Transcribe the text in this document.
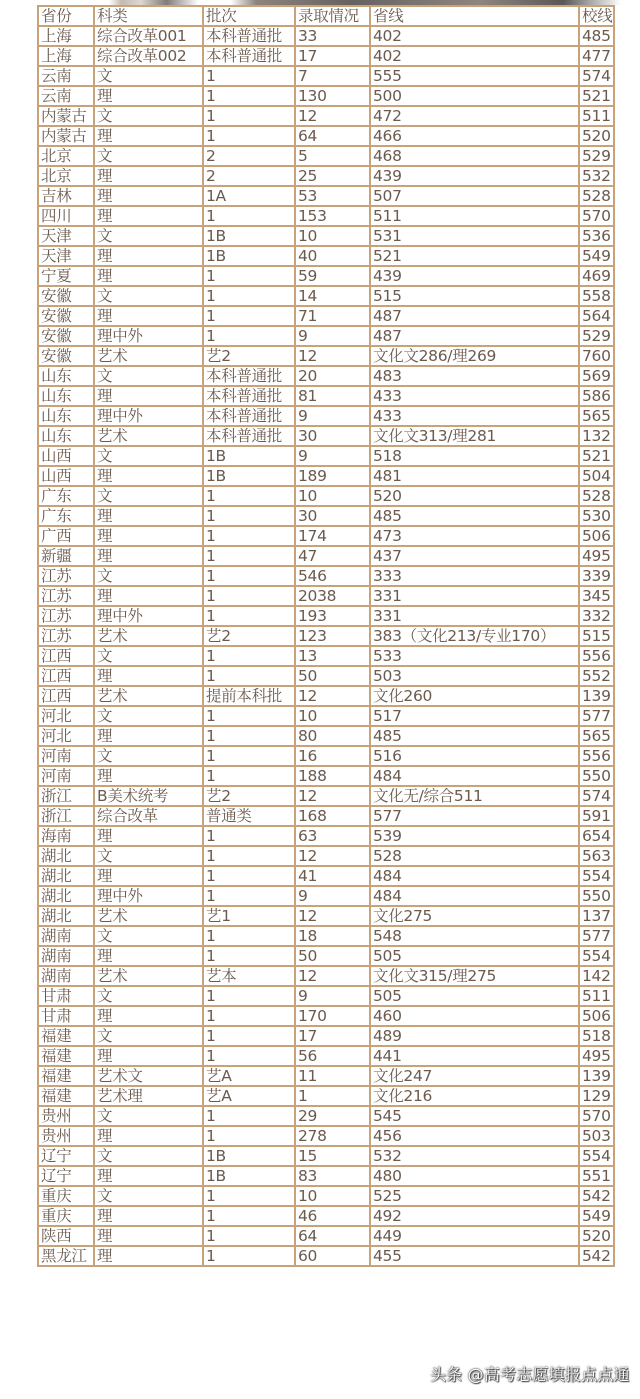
省份	科类	批次	录取情况	省线	校线
上海	综合改革001	本科普通批	33	402	485
上海	综合改革002	本科普通批	17	402	477
云南	文	1	7	555	574
云南	理	1	130	500	521
内蒙古	文	1	12	472	511
内蒙古	理	1	64	466	520
北京	文	2	5	468	529
北京	理	2	25	439	532
吉林	理	1A	53	507	528
四川	理	1	153	511	570
天津	文	1B	10	531	536
天津	理	1B	40	521	549
宁夏	理	1	59	439	469
安徽	文	1	14	515	558
安徽	理	1	71	487	564
安徽	理中外	1	9	487	529
安徽	艺术	艺2	12	文化文286/理269	760
山东	文	本科普通批	20	483	569
山东	理	本科普通批	81	433	586
山东	理中外	本科普通批	9	433	565
山东	艺术	本科普通批	30	文化文313/理281	132
山西	文	1B	9	518	521
山西	理	1B	189	481	504
广东	文	1	10	520	528
广东	理	1	30	485	530
广西	理	1	174	473	506
新疆	理	1	47	437	495
江苏	文	1	546	333	339
江苏	理	1	2038	331	345
江苏	理中外	1	193	331	332
江苏	艺术	艺2	123	383（文化213/专业170）	515
江西	文	1	13	533	556
江西	理	1	50	503	552
江西	艺术	提前本科批	12	文化260	139
河北	文	1	10	517	577
河北	理	1	80	485	565
河南	文	1	16	516	556
河南	理	1	188	484	550
浙江	B美术统考	艺2	12	文化无/综合511	574
浙江	综合改革	普通类	168	577	591
海南	理	1	63	539	654
湖北	文	1	12	528	563
湖北	理	1	41	484	554
湖北	理中外	1	9	484	550
湖北	艺术	艺1	12	文化275	137
湖南	文	1	18	548	577
湖南	理	1	50	505	554
湖南	艺术	艺本	12	文化文315/理275	142
甘肃	文	1	9	505	511
甘肃	理	1	170	460	506
福建	文	1	17	489	518
福建	理	1	56	441	495
福建	艺术文	艺A	11	文化247	139
福建	艺术理	艺A	1	文化216	129
贵州	文	1	29	545	570
贵州	理	1	278	456	503
辽宁	文	1B	15	532	554
辽宁	理	1B	83	480	551
重庆	文	1	10	525	542
重庆	理	1	46	492	549
陕西	理	1	64	449	520
黑龙江	理	1	60	455	542
头条 @高考志愿填报点点通
